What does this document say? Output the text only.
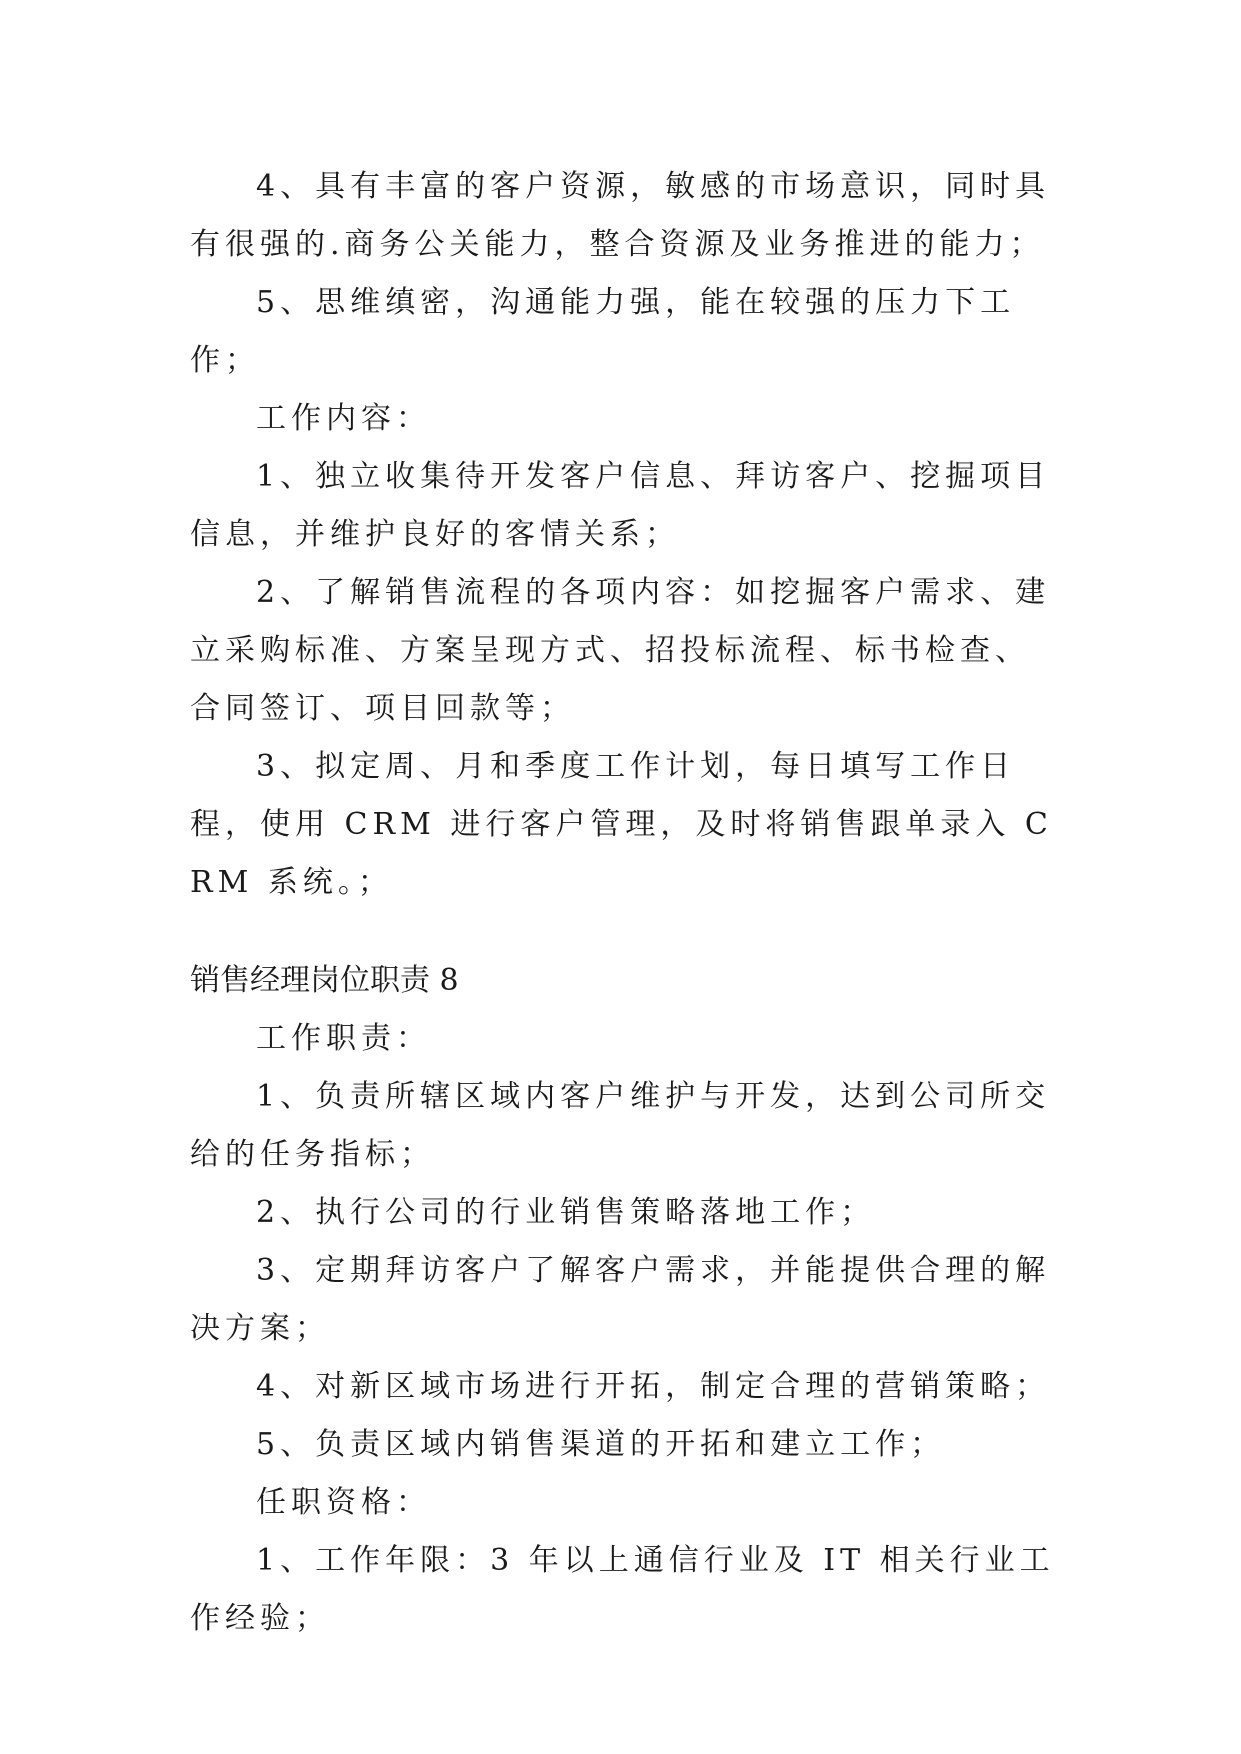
4、具有丰富的客户资源，敏感的市场意识，同时具有很强的.商务公关能力，整合资源及业务推进的能力；

5、思维缜密，沟通能力强，能在较强的压力下工作；

工作内容：

1、独立收集待开发客户信息、拜访客户、挖掘项目信息，并维护良好的客情关系；

2、了解销售流程的各项内容：如挖掘客户需求、建立采购标准、方案呈现方式、招投标流程、标书检查、合同签订、项目回款等；

3、拟定周、月和季度工作计划，每日填写工作日程，使用 CRM 进行客户管理，及时将销售跟单录入 CRM 系统。；

销售经理岗位职责 8

工作职责：

1、负责所辖区域内客户维护与开发，达到公司所交给的任务指标；

2、执行公司的行业销售策略落地工作；

3、定期拜访客户了解客户需求，并能提供合理的解决方案；

4、对新区域市场进行开拓，制定合理的营销策略；

5、负责区域内销售渠道的开拓和建立工作；

任职资格：

1、工作年限：3 年以上通信行业及 IT 相关行业工作经验；
